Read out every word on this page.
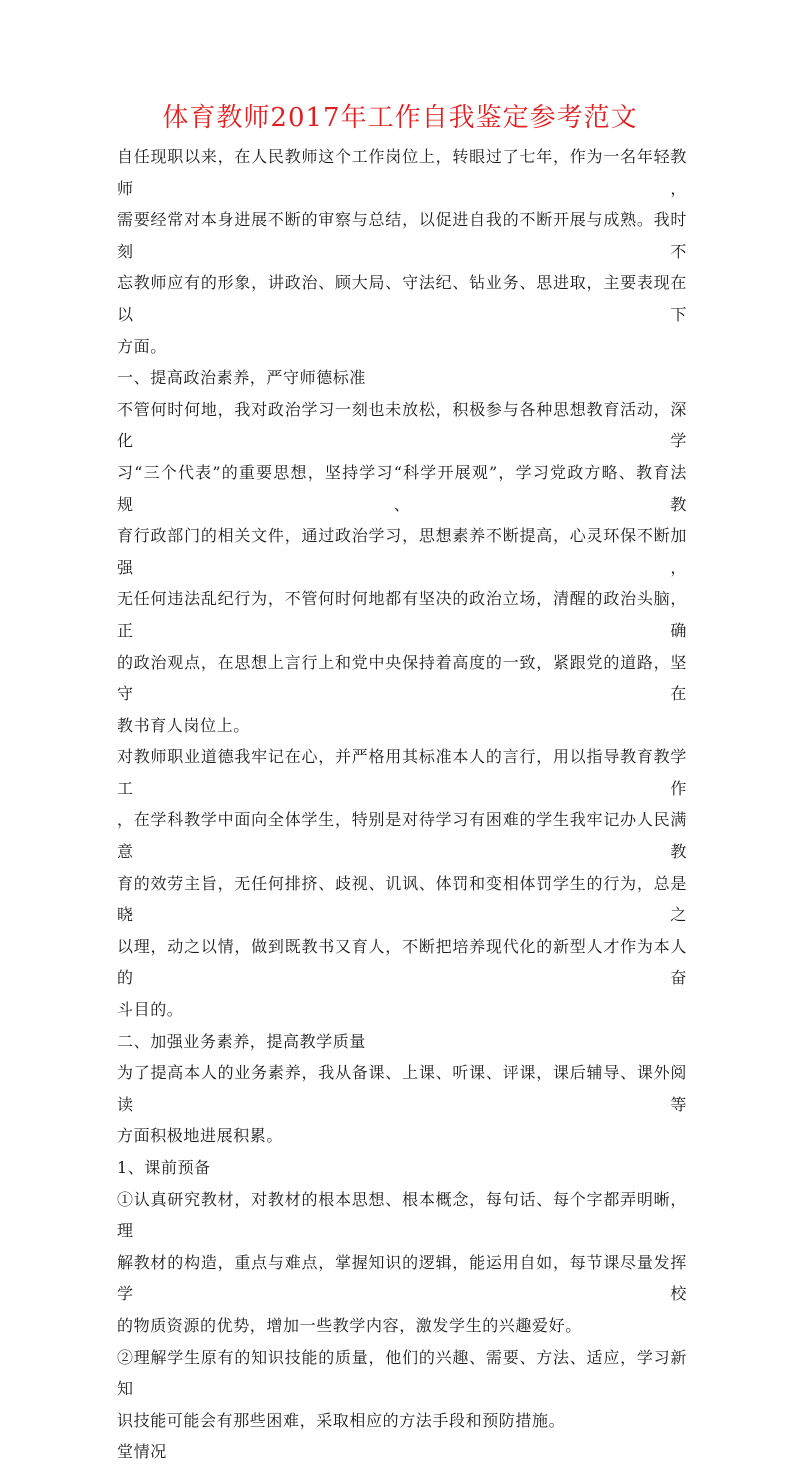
体育教师2017年工作自我鉴定参考范文
自任现职以来，在人民教师这个工作岗位上，转眼过了七年，作为一名年轻教师，
需要经常对本身进展不断的审察与总结，以促进自我的不断开展与成熟。我时刻不
忘教师应有的形象，讲政治、顾大局、守法纪、钻业务、思进取，主要表现在以下
方面。
一、提高政治素养，严守师德标准
不管何时何地，我对政治学习一刻也未放松，积极参与各种思想教育活动，深化学
习“三个代表”的重要思想，坚持学习“科学开展观”，学习党政方略、教育法规、教
育行政部门的相关文件，通过政治学习，思想素养不断提高，心灵环保不断加强，
无任何违法乱纪行为，不管何时何地都有坚决的政治立场，清醒的政治头脑，正确
的政治观点，在思想上言行上和党中央保持着高度的一致，紧跟党的道路，坚守在
教书育人岗位上。
对教师职业道德我牢记在心，并严格用其标准本人的言行，用以指导教育教学工作
，在学科教学中面向全体学生，特别是对待学习有困难的学生我牢记办人民满意教
育的效劳主旨，无任何排挤、歧视、讥讽、体罚和变相体罚学生的行为，总是晓之
以理，动之以情，做到既教书又育人，不断把培养现代化的新型人才作为本人的奋
斗目的。
二、加强业务素养，提高教学质量
为了提高本人的业务素养，我从备课、上课、听课、评课，课后辅导、课外阅读等
方面积极地进展积累。
1、课前预备
①认真研究教材，对教材的根本思想、根本概念，每句话、每个字都弄明晰，理
解教材的构造，重点与难点，掌握知识的逻辑，能运用自如，每节课尽量发挥学校
的物质资源的优势，增加一些教学内容，激发学生的兴趣爱好。
②理解学生原有的知识技能的质量，他们的兴趣、需要、方法、适应，学习新知
识技能可能会有那些困难，采取相应的方法手段和预防措施。
堂情况
